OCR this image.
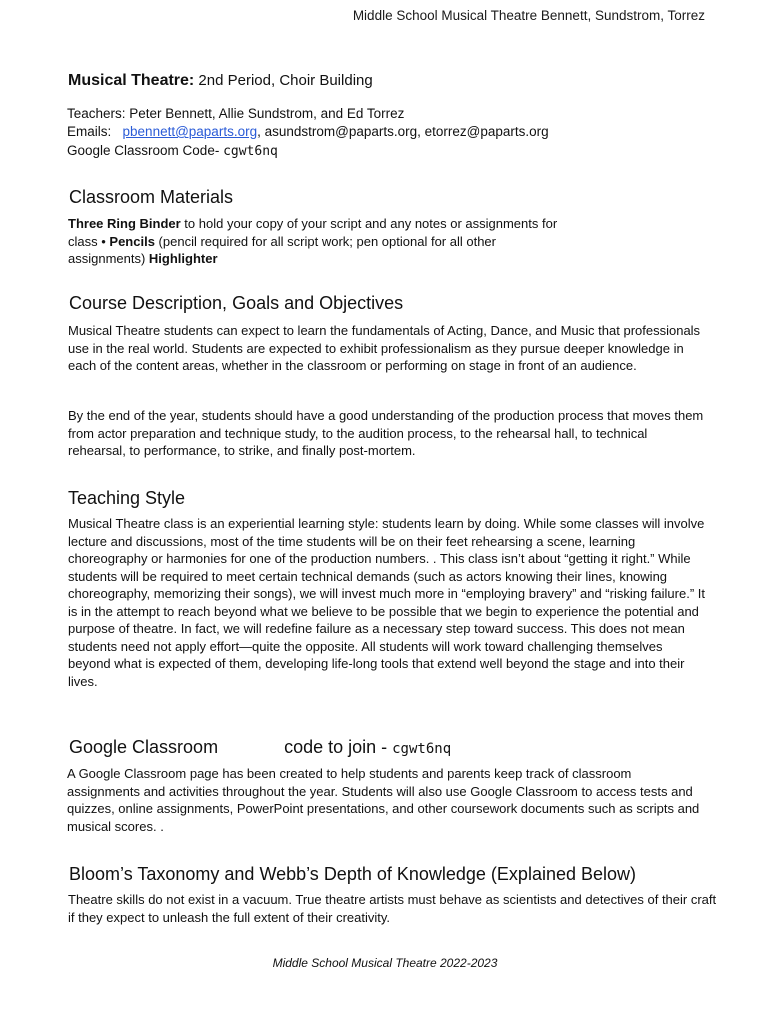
Middle School Musical Theatre Bennett, Sundstrom, Torrez
Musical Theatre: 2nd Period, Choir Building
Teachers: Peter Bennett, Allie Sundstrom, and Ed Torrez
Emails: pbennett@paparts.org, asundstrom@paparts.org, etorrez@paparts.org
Google Classroom Code- cgwt6nq
Classroom Materials
Three Ring Binder to hold your copy of your script and any notes or assignments for
class • Pencils (pencil required for all script work; pen optional for all other
assignments) Highlighter
Course Description, Goals and Objectives
Musical Theatre students can expect to learn the fundamentals of Acting, Dance, and Music that professionals use in the real world. Students are expected to exhibit professionalism as they pursue deeper knowledge in each of the content areas, whether in the classroom or performing on stage in front of an audience.
By the end of the year, students should have a good understanding of the production process that moves them from actor preparation and technique study, to the audition process, to the rehearsal hall, to technical rehearsal, to performance, to strike, and finally post-mortem.
Teaching Style
Musical Theatre class is an experiential learning style: students learn by doing. While some classes will involve lecture and discussions, most of the time students will be on their feet rehearsing a scene, learning choreography or harmonies for one of the production numbers. . This class isn’t about “getting it right.” While students will be required to meet certain technical demands (such as actors knowing their lines, knowing choreography, memorizing their songs), we will invest much more in “employing bravery” and “risking failure.” It is in the attempt to reach beyond what we believe to be possible that we begin to experience the potential and purpose of theatre. In fact, we will redefine failure as a necessary step toward success. This does not mean students need not apply effort—quite the opposite. All students will work toward challenging themselves beyond what is expected of them, developing life-long tools that extend well beyond the stage and into their lives.
Google Classroom	code to join - cgwt6nq
A Google Classroom page has been created to help students and parents keep track of classroom assignments and activities throughout the year. Students will also use Google Classroom to access tests and quizzes, online assignments, PowerPoint presentations, and other coursework documents such as scripts and musical scores. .
Bloom’s Taxonomy and Webb’s Depth of Knowledge (Explained Below)
Theatre skills do not exist in a vacuum. True theatre artists must behave as scientists and detectives of their craft if they expect to unleash the full extent of their creativity.
Middle School Musical Theatre 2022-2023
